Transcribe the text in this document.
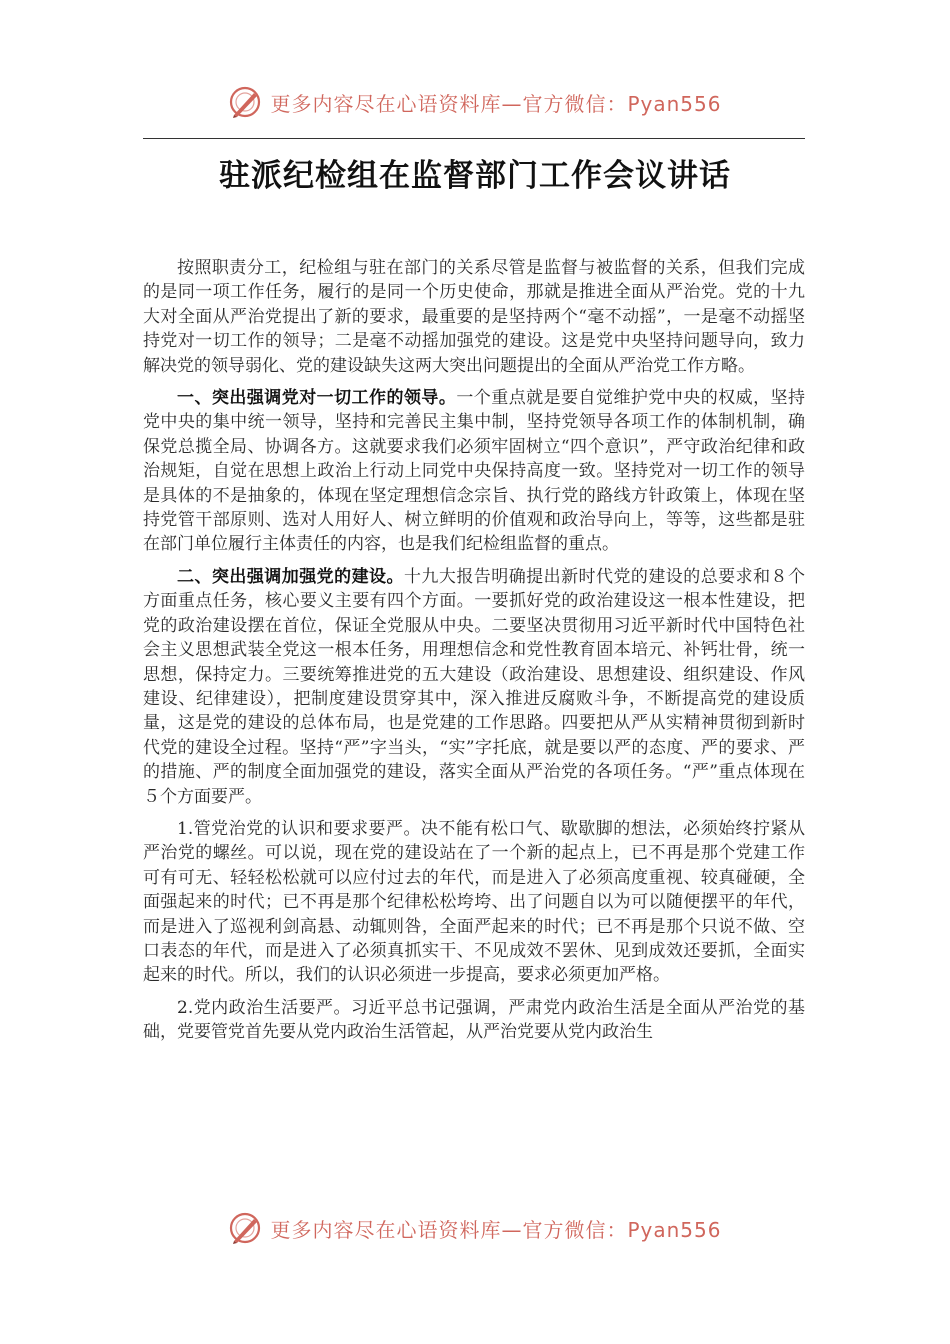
更多内容尽在心语资料库—官方微信：Pyan556
驻派纪检组在监督部门工作会议讲话

按照职责分工，纪检组与驻在部门的关系尽管是监督与被监督的关系，但我们完成的是同一项工作任务，履行的是同一个历史使命，那就是推进全面从严治党。党的十九大对全面从严治党提出了新的要求，最重要的是坚持两个“毫不动摇”，一是毫不动摇坚持党对一切工作的领导；二是毫不动摇加强党的建设。这是党中央坚持问题导向，致力解决党的领导弱化、党的建设缺失这两大突出问题提出的全面从严治党工作方略。

一、突出强调党对一切工作的领导。一个重点就是要自觉维护党中央的权威，坚持党中央的集中统一领导，坚持和完善民主集中制，坚持党领导各项工作的体制机制，确保党总揽全局、协调各方。这就要求我们必须牢固树立“四个意识”，严守政治纪律和政治规矩，自觉在思想上政治上行动上同党中央保持高度一致。坚持党对一切工作的领导是具体的不是抽象的，体现在坚定理想信念宗旨、执行党的路线方针政策上，体现在坚持党管干部原则、选对人用好人、树立鲜明的价值观和政治导向上，等等，这些都是驻在部门单位履行主体责任的内容，也是我们纪检组监督的重点。

二、突出强调加强党的建设。十九大报告明确提出新时代党的建设的总要求和８个方面重点任务，核心要义主要有四个方面。一要抓好党的政治建设这一根本性建设，把党的政治建设摆在首位，保证全党服从中央。二要坚决贯彻用习近平新时代中国特色社会主义思想武装全党这一根本任务，用理想信念和党性教育固本培元、补钙壮骨，统一思想，保持定力。三要统筹推进党的五大建设（政治建设、思想建设、组织建设、作风建设、纪律建设），把制度建设贯穿其中，深入推进反腐败斗争，不断提高党的建设质量，这是党的建设的总体布局，也是党建的工作思路。四要把从严从实精神贯彻到新时代党的建设全过程。坚持“严”字当头，“实”字托底，就是要以严的态度、严的要求、严的措施、严的制度全面加强党的建设，落实全面从严治党的各项任务。“严”重点体现在５个方面要严。

1.管党治党的认识和要求要严。决不能有松口气、歇歇脚的想法，必须始终拧紧从严治党的螺丝。可以说，现在党的建设站在了一个新的起点上，已不再是那个党建工作可有可无、轻轻松松就可以应付过去的年代，而是进入了必须高度重视、较真碰硬，全面强起来的时代；已不再是那个纪律松松垮垮、出了问题自以为可以随便摆平的年代，而是进入了巡视利剑高悬、动辄则咎，全面严起来的时代；已不再是那个只说不做、空口表态的年代，而是进入了必须真抓实干、不见成效不罢休、见到成效还要抓，全面实起来的时代。所以，我们的认识必须进一步提高，要求必须更加严格。

2.党内政治生活要严。习近平总书记强调，严肃党内政治生活是全面从严治党的基础，党要管党首先要从党内政治生活管起，从严治党要从党内政治生

更多内容尽在心语资料库—官方微信：Pyan556
